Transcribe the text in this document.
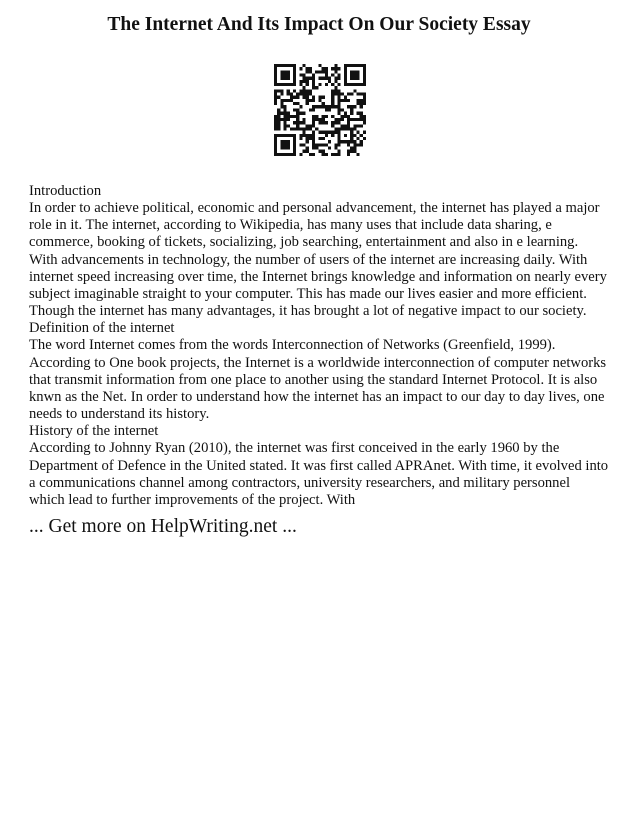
The Internet And Its Impact On Our Society Essay

Introduction

In order to achieve political, economic and personal advancement, the internet has played a major role in it. The internet, according to Wikipedia, has many uses that include data sharing, e commerce, booking of tickets, socializing, job searching, entertainment and also in e learning. With advancements in technology, the number of users of the internet are increasing daily. With internet speed increasing over time, the Internet brings knowledge and information on nearly every subject imaginable straight to your computer. This has made our lives easier and more efficient. Though the internet has many advantages, it has brought a lot of negative impact to our society.

Definition of the internet

The word Internet comes from the words Interconnection of Networks (Greenfield, 1999). According to One book projects, the Internet is a worldwide interconnection of computer networks that transmit information from one place to another using the standard Internet Protocol. It is also knwn as the Net. In order to understand how the internet has an impact to our day to day lives, one needs to understand its history.

History of the internet

According to Johnny Ryan (2010), the internet was first conceived in the early 1960 by the Department of Defence in the United stated. It was first called APRAnet. With time, it evolved into a communications channel among contractors, university researchers, and military personnel which lead to further improvements of the project. With

... Get more on HelpWriting.net ...
